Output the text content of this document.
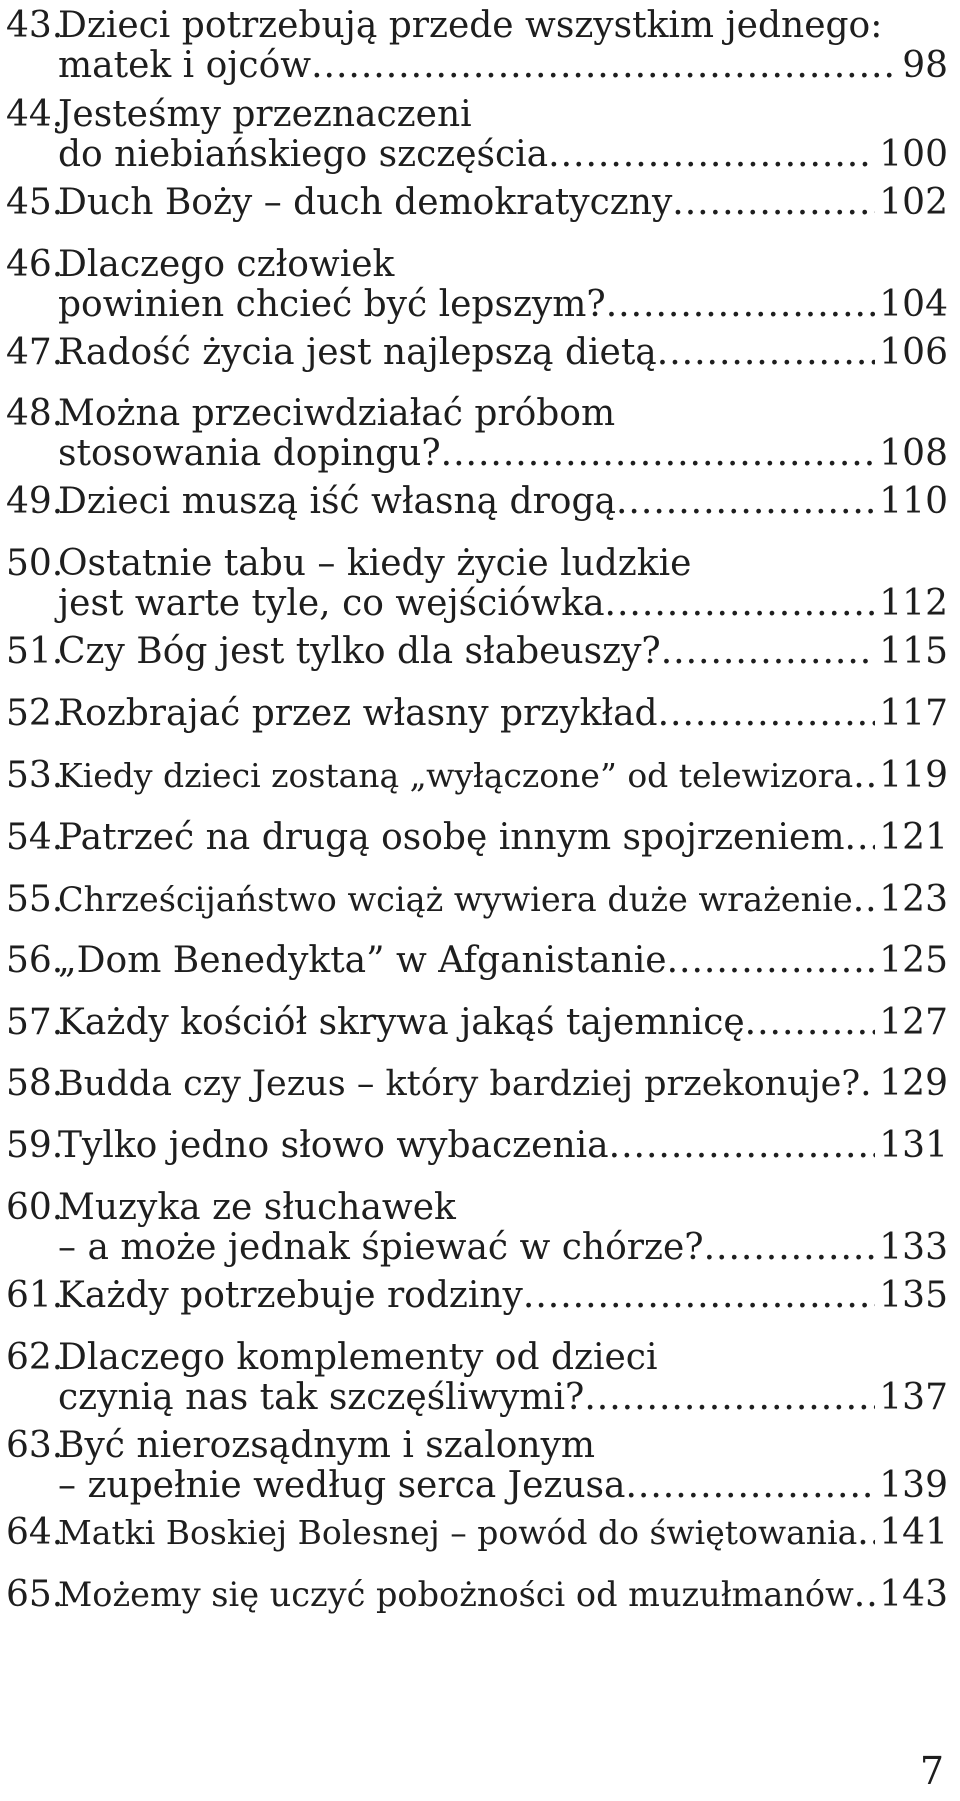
43.
Dzieci potrzebują przede wszystkim jednego:
matek i ojców .....	98
44.
Jesteśmy przeznaczeni
do niebiańskiego szczęścia .....	100
45.
Duch Boży – duch demokratyczny .....	102
46.
Dlaczego człowiek
powinien chcieć być lepszym? .....	104
47.
Radość życia jest najlepszą dietą .....	106
48.
Można przeciwdziałać próbom
stosowania dopingu? .....	108
49.
Dzieci muszą iść własną drogą .....	110
50.
Ostatnie tabu – kiedy życie ludzkie
jest warte tyle, co wejściówka .....	112
51.
Czy Bóg jest tylko dla słabeuszy? .....	115
52.
Rozbrajać przez własny przykład .....	117
53.
Kiedy dzieci zostaną „wyłączone” od telewizora ..... 119
54.
Patrzeć na drugą osobę innym spojrzeniem ..... 121
55.
Chrześcijaństwo wciąż wywiera duże wrażenie ..... 123
56.
„Dom Benedykta” w Afganistanie .....	125
57.
Każdy kościół skrywa jakąś tajemnicę .....	127
58.
Budda czy Jezus – który bardziej przekonuje? ..... 129
59.
Tylko jedno słowo wybaczenia .....	131
60.
Muzyka ze słuchawek
– a może jednak śpiewać w chórze? .....	133
61.
Każdy potrzebuje rodziny .....	135
62.
Dlaczego komplementy od dzieci
czynią nas tak szczęśliwymi? .....	137
63.
Być nierozsądnym i szalonym
– zupełnie według serca Jezusa .....	139
64.
Matki Boskiej Bolesnej – powód do świętowania ..... 141
65.
Możemy się uczyć pobożności od muzułmanów ..... 143
7
